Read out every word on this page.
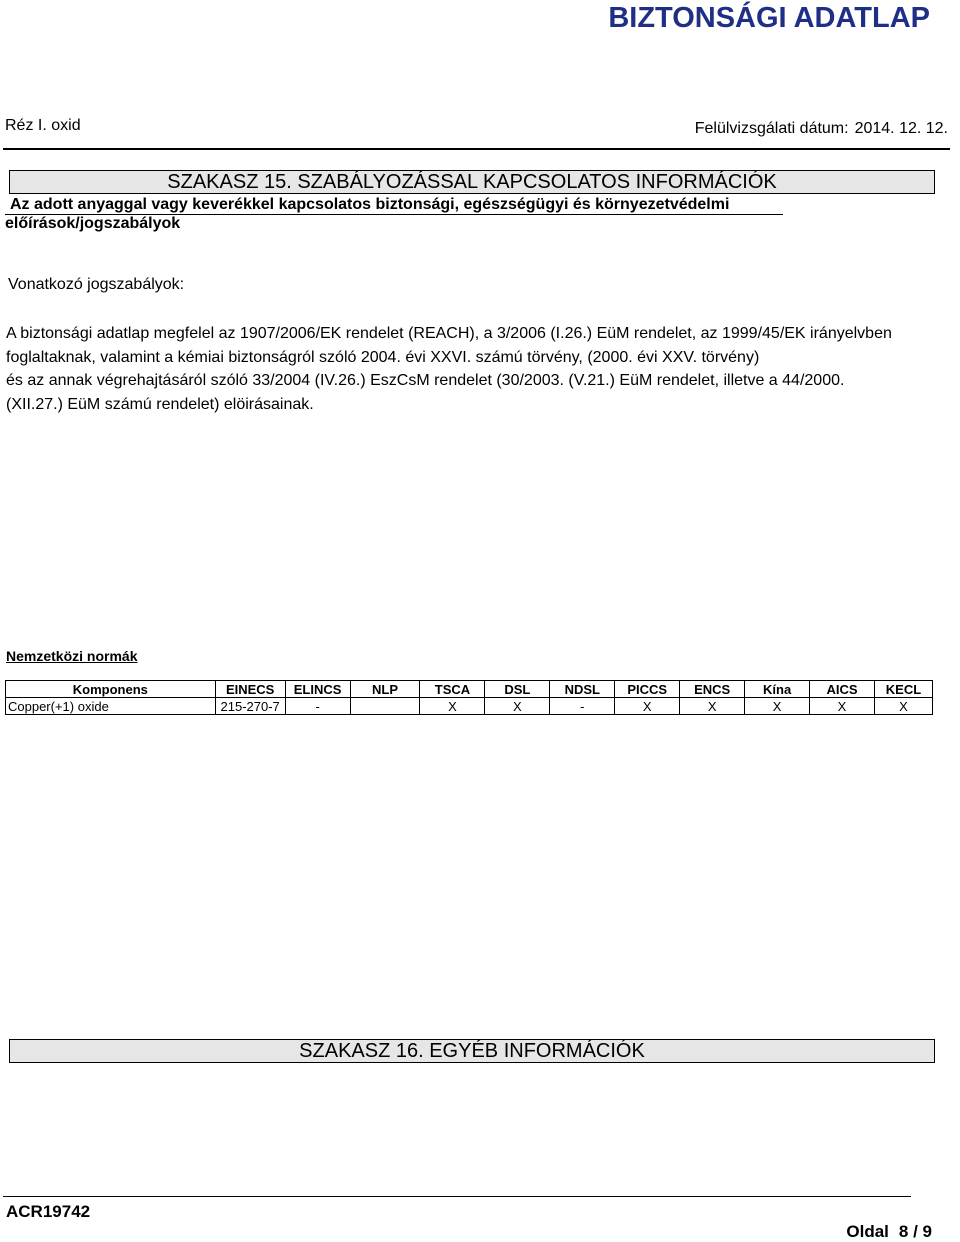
BIZTONSÁGI ADATLAP
Réz I. oxid	Felülvizsgálati dátum: 2014. 12. 12.
SZAKASZ 15. SZABÁLYOZÁSSAL KAPCSOLATOS INFORMÁCIÓK
Az adott anyaggal vagy keverékkel kapcsolatos biztonsági, egészségügyi és környezetvédelmi
előírások/jogszabályok
Vonatkozó jogszabályok:
A biztonsági adatlap megfelel az 1907/2006/EK rendelet (REACH), a 3/2006 (I.26.) EüM rendelet, az 1999/45/EK irányelvben
foglaltaknak, valamint a kémiai biztonságról szóló 2004. évi XXVI. számú törvény, (2000. évi XXV. törvény)
és az annak végrehajtásáról szóló 33/2004 (IV.26.) EszCsM rendelet (30/2003. (V.21.) EüM rendelet, illetve a 44/2000.
(XII.27.) EüM számú rendelet) elöirásainak.
Nemzetközi normák
Komponens	EINECS	ELINCS	NLP	TSCA	DSL	NDSL	PICCS	ENCS	Kína	AICS	KECL
Copper(+1) oxide	215-270-7	-		X	X	-	X	X	X	X	X
SZAKASZ 16. EGYÉB INFORMÁCIÓK
ACR19742
Oldal 8 / 9
